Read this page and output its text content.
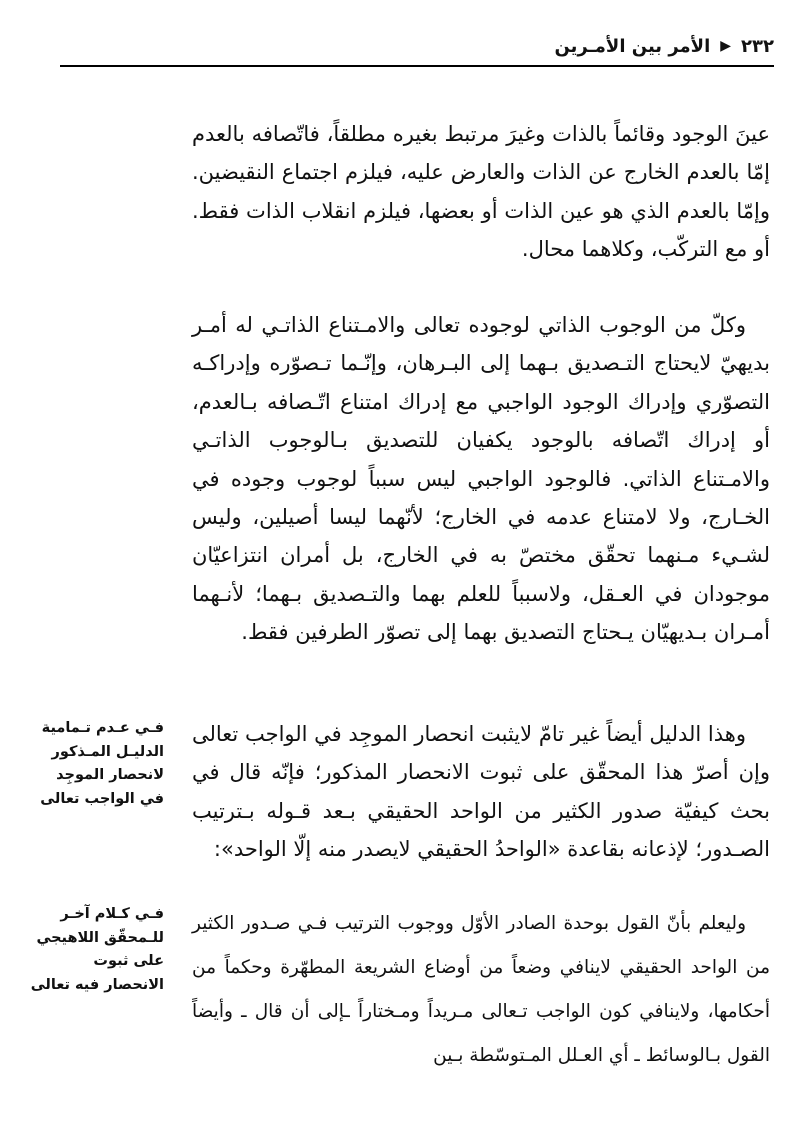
٢٣٢
▶
الأمر بين الأمـرين

عينَ الوجود وقائماً بالذات وغيرَ مرتبط بغيره مطلقاً، فاتّصافه بالعدم إمّا بالعدم الخارج عن الذات والعارض عليه، فيلزم اجتماع النقيضين. وإمّا بالعدم الذي هو عين الذات أو بعضها، فيلزم انقلاب الذات فقط. أو مع التركّب، وكلاهما محال.

وكلّ من الوجوب الذاتي لوجوده تعالى والامـتناع الذاتـي له أمـر بديهيّ لايحتاج التـصديق بـهما إلى البـرهان، وإنّـما تـصوّره وإدراكـه التصوّري وإدراك الوجود الواجبي مع إدراك امتناع اتّـصافه بـالعدم، أو إدراك اتّصافه بالوجود يكفيان للتصديق بـالوجوب الذاتـي والامـتناع الذاتي. فالوجود الواجبي ليس سبباً لوجوب وجوده في الخـارج، ولا لامتناع عدمه في الخارج؛ لأنّهما ليسا أصيلين، وليس لشـيء مـنهما تحقّق مختصّ به في الخارج، بل أمران انتزاعيّان موجودان في العـقل، ولاسبباً للعلم بهما والتـصديق بـهما؛ لأنـهما أمـران بـديهيّان يـحتاج التصديق بهما إلى تصوّر الطرفين فقط.

وهذا الدليل أيضاً غير تامّ لايثبت انحصار الموجِد في الواجب تعالى وإن أصرّ هذا المحقّق على ثبوت الانحصار المذكور؛ فإنّه قال في بحث كيفيّة صدور الكثير من الواحد الحقيقي بـعد قـوله بـترتيب الصـدور؛ لإذعانه بقاعدة «الواحدُ الحقيقي لايصدر منه إلّا الواحد»:

وليعلم بأنّ القول بوحدة الصادر الأوّل ووجوب الترتيب فـي صـدور الكثير من الواحد الحقيقي لاينافي وضعاً من أوضاع الشريعة المطهّرة وحكماً من أحكامها، ولاينافي كون الواجب تـعالى مـريداً ومـختاراً ـإلى أن قال ـ وأيضاً القول بـالوسائط ـ أي العـلل المـتوسّطة بـين

فـي عـدم تـمامية الدليـل المـذكور لانحصار الموجِد في الواجب تعالى
فـي كـلام آخـر للـمحقّق اللاهيجي على ثبوت الانحصار فيه تعالى
